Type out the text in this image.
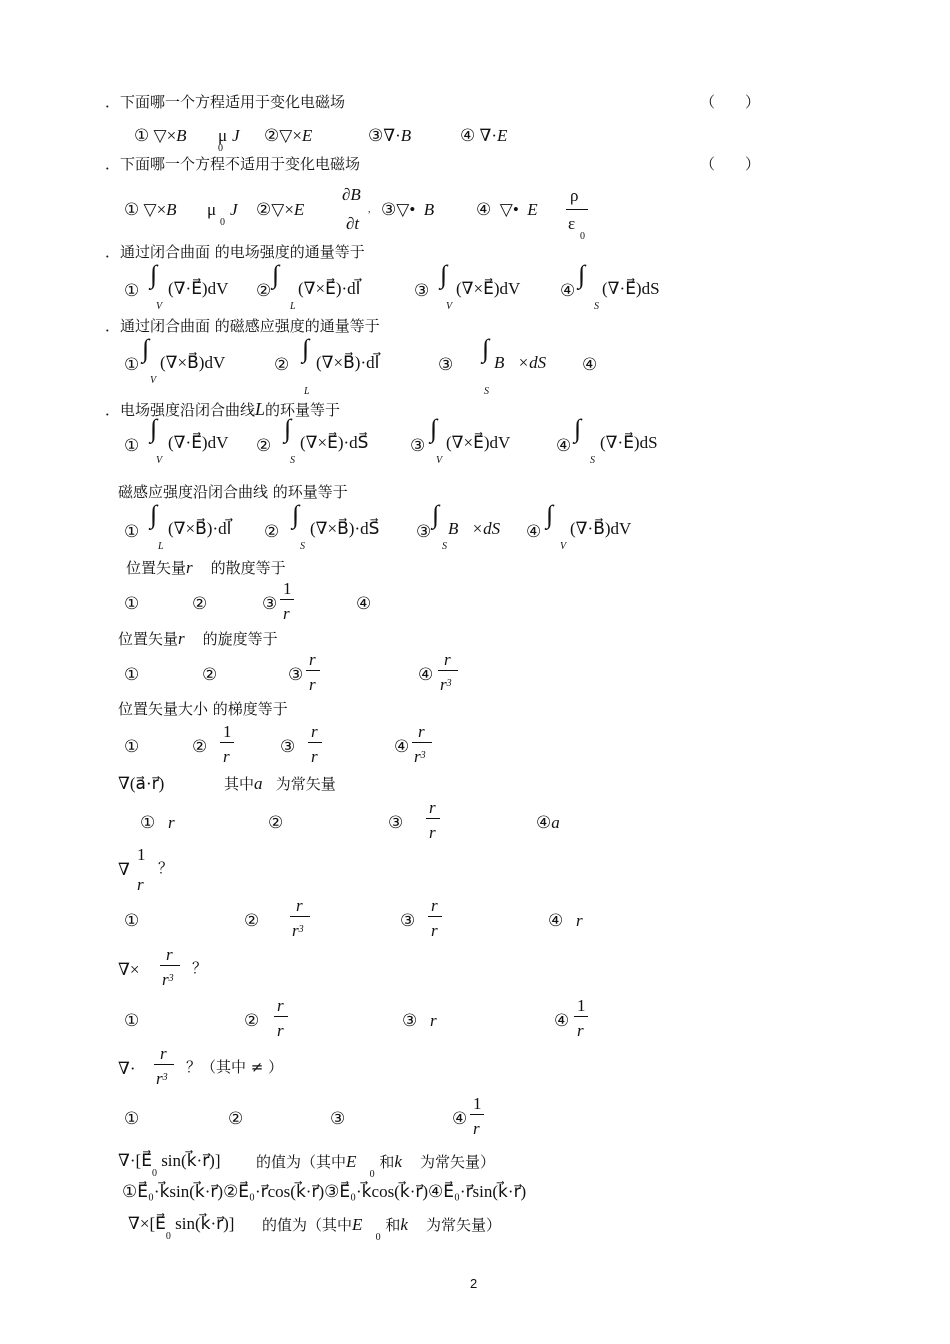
．下面哪一个方程适用于变化电磁场	（　　）
① ▽×B⃗ μ
0
J⃗ ②▽×E⃗ ③∇·B⃗ ④ ∇·E⃗
．下面哪一个方程不适用于变化电磁场	（　　）
① ▽×B⃗ μ
0
J⃗ ②▽×E⃗
∂B⃗
∂t
, ③▽• B⃗ ④ ▽• E⃗
ρ
ε
0
．通过闭合曲面 的电场强度的通量等于
①
∫ (∇·E⃗)dV
V
②
∫ (∇×E⃗)·dl⃗
L
③
∫ (∇×E⃗)dV
V
④
∫ (∇·E⃗)dS
S
．通过闭合曲面 的磁感应强度的通量等于
①
∫ (∇×B⃗)dV
V
②
∫ (∇×B⃗)·dl⃗
L
③
∫ B⃗×dS⃗
S
④
．电场强度沿闭合曲线L的环量等于
①
∫ (∇·E⃗)dV
V
②
∫ (∇×E⃗)·dS⃗
S
③
∫ (∇×E⃗)dV
V
④
∫ (∇·E⃗)dS
S
磁感应强度沿闭合曲线 的环量等于
①
∫ (∇×B⃗)·dl⃗
L
②
∫ (∇×B⃗)·dS⃗
S
③
∫ B⃗×dS⃗
S
④
∫ (∇·B⃗)dV
V
位置矢量r⃗ 的散度等于
①	②	③
1
r
④
位置矢量r⃗ 的旋度等于
①	②	③
r⃗
r
④
r⃗
$r^3$
位置矢量大小 的梯度等于
①	②
1
r
③
r⃗
r
④
r⃗
$r^3$
∇(a⃗·r⃗)	其中a⃗为常矢量
① r⃗	②	③
r⃗
r
④a⃗
∇
1
r
？
①	②
r⃗
$r^3$	③
r⃗
r
④ r⃗
∇×
r⃗
$r^3$
？
①	②
r⃗
r
③ r⃗	④
1
r
∇·
r⃗
$r^3$
？（其中 ≠ ）
①	②	③	④
1
r
$\nabla\cdot[E⃗_0$ sin(k⃗·r⃗)] 的值为（其中$E⃗_0$ 和k⃗ 为常矢量）
①E⃗₀·k⃗sin(k⃗·r⃗)②E⃗₀·r⃗cos(k⃗·r⃗)③E⃗₀·k⃗cos(k⃗·r⃗)④E⃗₀·r⃗sin(k⃗·r⃗)
$\nabla\times[E⃗_0$ sin(k⃗·r⃗)] 的值为（其中$E⃗_0$ 和k⃗ 为常矢量）
2
